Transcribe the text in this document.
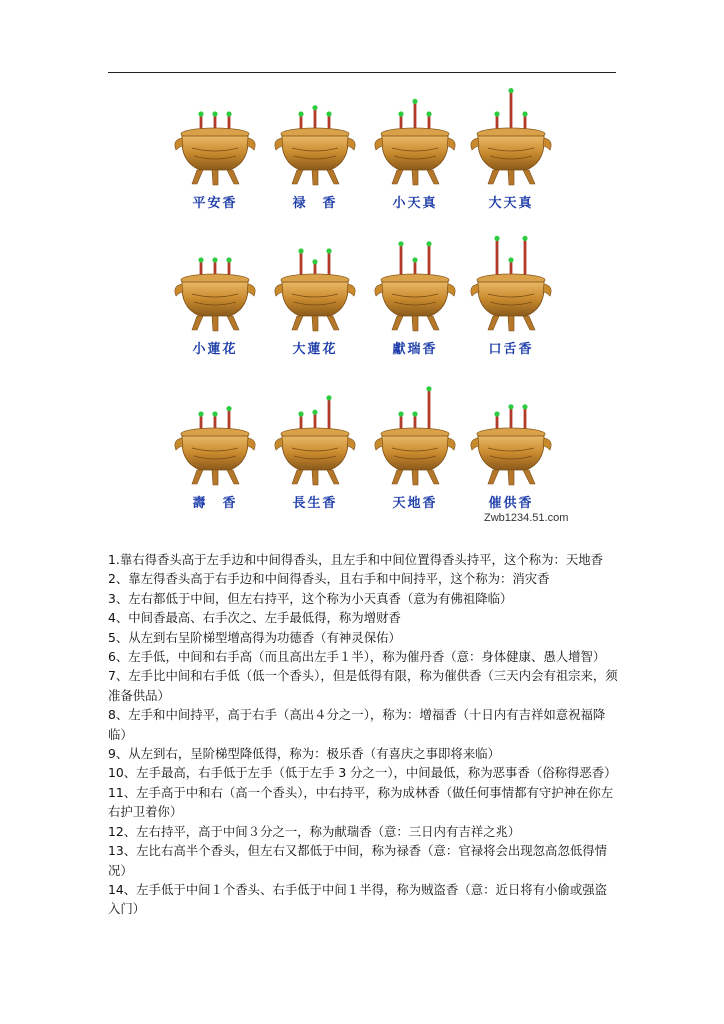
平安香	禄　香	小天真	大天真
小蓮花	大蓮花	獻瑞香	口舌香
壽　香	長生香	天地香	催供香
Zwb1234.51.com
1.靠右得香头高于左手边和中间得香头，且左手和中间位置得香头持平，这个称为：天地香
2、靠左得香头高于右手边和中间得香头，且右手和中间持平，这个称为：消灾香
3、左右都低于中间，但左右持平，这个称为小天真香（意为有佛祖降临）
4、中间香最高、右手次之、左手最低得，称为增财香
5、从左到右呈阶梯型增高得为功德香（有神灵保佑）
6、左手低，中间和右手高（而且高出左手１半），称为催丹香（意：身体健康、愚人增智）
7、左手比中间和右手低（低一个香头），但是低得有限，称为催供香（三天内会有祖宗来，须准备供品）
8、左手和中间持平，高于右手（高出４分之一），称为：增福香（十日内有吉祥如意祝福降临）
9、从左到右，呈阶梯型降低得，称为：极乐香（有喜庆之事即将来临）
10、左手最高，右手低于左手（低于左手 3 分之一），中间最低，称为恶事香（俗称得恶香）
11、左手高于中和右（高一个香头），中右持平，称为成林香（做任何事情都有守护神在你左右护卫着你）
12、左右持平，高于中间３分之一，称为献瑞香（意：三日内有吉祥之兆）
13、左比右高半个香头，但左右又都低于中间，称为禄香（意：官禄将会出现忽高忽低得情况）
14、左手低于中间１个香头、右手低于中间１半得，称为贼盗香（意：近日将有小偷或强盗入门）
